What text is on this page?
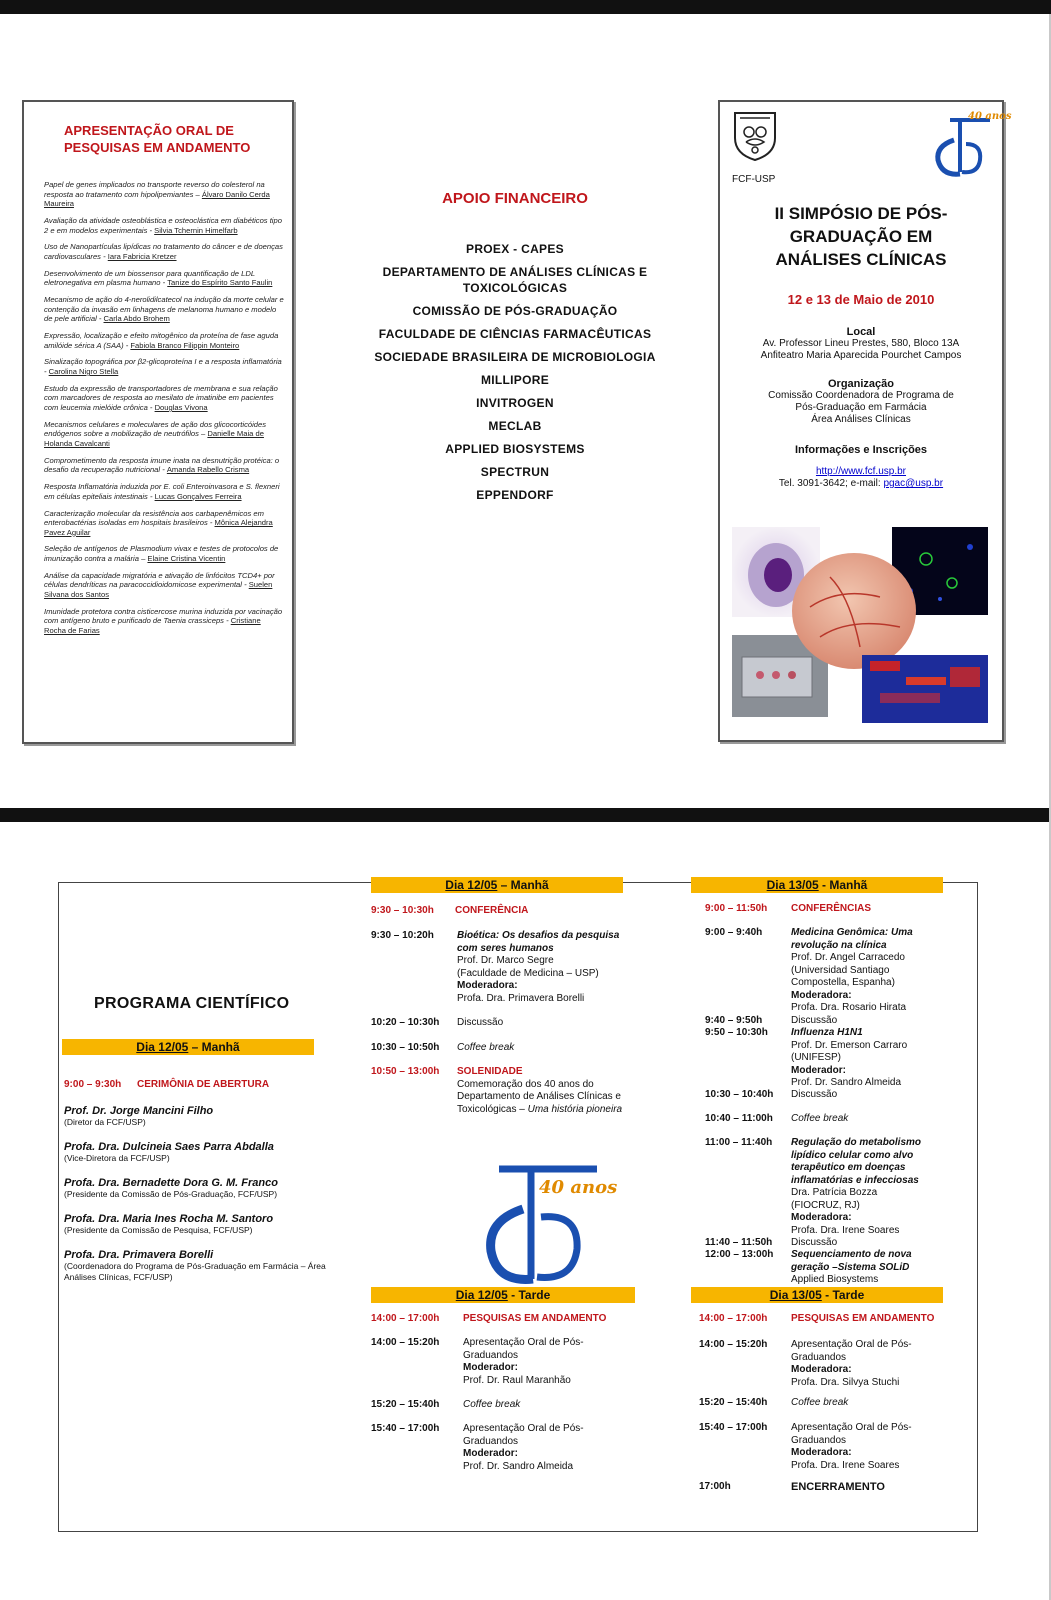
APRESENTAÇÃO ORAL DE PESQUISAS EM ANDAMENTO
Papel de genes implicados no transporte reverso do colesterol na resposta ao tratamento com hipolipemiantes – Álvaro Danilo Cerda Maureira
Avaliação da atividade osteoblástica e osteoclástica em diabéticos tipo 2 e em modelos experimentais - Silvia Tchernin Himelfarb
Uso de Nanopartículas lipídicas no tratamento do câncer e de doenças cardiovasculares - Iara Fabricia Kretzer
Desenvolvimento de um biossensor para quantificação de LDL eletronegativa em plasma humano - Tanize do Espírito Santo Faulin
Mecanismo de ação do 4-nerolidilcatecol na indução da morte celular e contenção da invasão em linhagens de melanoma humano e modelo de pele artificial - Carla Abdo Brohem
Expressão, localização e efeito mitogênico da proteína de fase aguda amilóide sérica A (SAA) - Fabiola Branco Filippin Monteiro
Sinalização topográfica por β2-glicoproteína I e a resposta inflamatória - Carolina Nigro Stella
Estudo da expressão de transportadores de membrana e sua relação com marcadores de resposta ao mesilato de imatinibe em pacientes com leucemia mielóide crônica - Douglas Vivona
Mecanismos celulares e moleculares de ação dos glicocorticóides endógenos sobre a mobilização de neutrófilos – Danielle Maia de Holanda Cavalcanti
Comprometimento da resposta imune inata na desnutrição protéica: o desafio da recuperação nutricional - Amanda Rabello Crisma
Resposta Inflamatória induzida por E. coli Enteroinvasora e S. flexneri em células epiteliais intestinais - Lucas Gonçalves Ferreira
Caracterização molecular da resistência aos carbapenêmicos em enterobactérias isoladas em hospitais brasileiros - Mônica Alejandra Pavez Aguilar
Seleção de antígenos de Plasmodium vivax e testes de protocolos de imunização contra a malária – Elaine Cristina Vicentin
Análise da capacidade migratória e ativação de linfócitos TCD4+ por células dendríticas na paracoccidioidomicose experimental - Suelen Silvana dos Santos
Imunidade protetora contra cisticercose murina induzida por vacinação com antígeno bruto e purificado de Taenia crassiceps - Cristiane Rocha de Farias
APOIO FINANCEIRO
PROEX - CAPES
DEPARTAMENTO DE ANÁLISES CLÍNICAS E TOXICOLÓGICAS
COMISSÃO DE PÓS-GRADUAÇÃO
FACULDADE DE CIÊNCIAS FARMACÊUTICAS
SOCIEDADE BRASILEIRA DE MICROBIOLOGIA
MILLIPORE
INVITROGEN
MECLAB
APPLIED BIOSYSTEMS
SPECTRUN
EPPENDORF
FCF-USP
40 anos
II SIMPÓSIO DE PÓS-
GRADUAÇÃO EM
ANÁLISES CLÍNICAS
12 e 13 de Maio de 2010
Local
Av. Professor Lineu Prestes, 580, Bloco 13A
Anfiteatro Maria Aparecida Pourchet Campos
Organização
Comissão Coordenadora de Programa de
Pós-Graduação em Farmácia
Área Análises Clínicas
Informações e Inscrições
http://www.fcf.usp.br
Tel. 3091-3642; e-mail: pgac@usp.br
PROGRAMA CIENTÍFICO
Dia 12/05 – Manhã
9:00 – 9:30h CERIMÔNIA DE ABERTURA
Prof. Dr. Jorge Mancini Filho
(Diretor da FCF/USP)
Profa. Dra. Dulcineia Saes Parra Abdalla
(Vice-Diretora da FCF/USP)
Profa. Dra. Bernadette Dora G. M. Franco
(Presidente da Comissão de Pós-Graduação, FCF/USP)
Profa. Dra. Maria Ines Rocha M. Santoro
(Presidente da Comissão de Pesquisa, FCF/USP)
Profa. Dra. Primavera Borelli
(Coordenadora do Programa de Pós-Graduação em Farmácia – Área Análises Clínicas, FCF/USP)
Dia 12/05 – Manhã
9:30 – 10:30h CONFERÊNCIA
9:30 – 10:20h Bioética: Os desafios da pesquisa com seres humanos
Prof. Dr. Marco Segre
(Faculdade de Medicina – USP)
Moderadora:
Profa. Dra. Primavera Borelli
10:20 – 10:30h Discussão
10:30 – 10:50h Coffee break
10:50 – 13:00h SOLENIDADE
Comemoração dos 40 anos do Departamento de Análises Clínicas e Toxicológicas – Uma história pioneira
40 anos
Dia 12/05 - Tarde
14:00 – 17:00h PESQUISAS EM ANDAMENTO
14:00 – 15:20h Apresentação Oral de Pós-
Graduandos
Moderador:
Prof. Dr. Raul Maranhão
15:20 – 15:40h Coffee break
15:40 – 17:00h Apresentação Oral de Pós-
Graduandos
Moderador:
Prof. Dr. Sandro Almeida
Dia 13/05 - Manhã
9:00 – 11:50h CONFERÊNCIAS
9:00 – 9:40h	Medicina Genômica: Uma revolução na clínica
Prof. Dr. Angel Carracedo
(Universidad Santiago
Compostella, Espanha)
Moderadora:
Profa. Dra. Rosario Hirata
9:40 – 9:50h	Discussão
9:50 – 10:30h Influenza H1N1
Prof. Dr. Emerson Carraro
(UNIFESP)
Moderador:
Prof. Dr. Sandro Almeida
10:30 – 10:40h Discussão
10:40 – 11:00h Coffee break
11:00 – 11:40h Regulação do metabolismo lipídico celular como alvo terapêutico em doenças inflamatórias e infecciosas
Dra. Patrícia Bozza
(FIOCRUZ, RJ)
Moderadora:
Profa. Dra. Irene Soares
11:40 – 11:50h Discussão
12:00 – 13:00h Sequenciamento de nova geração –Sistema SOLiD
Applied Biosystems
Dia 13/05 - Tarde
14:00 – 17:00h PESQUISAS EM ANDAMENTO
14:00 – 15:20h Apresentação Oral de Pós-
Graduandos
Moderadora:
Profa. Dra. Silvya Stuchi
15:20 – 15:40h Coffee break
15:40 – 17:00h Apresentação Oral de Pós-
Graduandos
Moderadora:
Profa. Dra. Irene Soares
17:00h	ENCERRAMENTO
